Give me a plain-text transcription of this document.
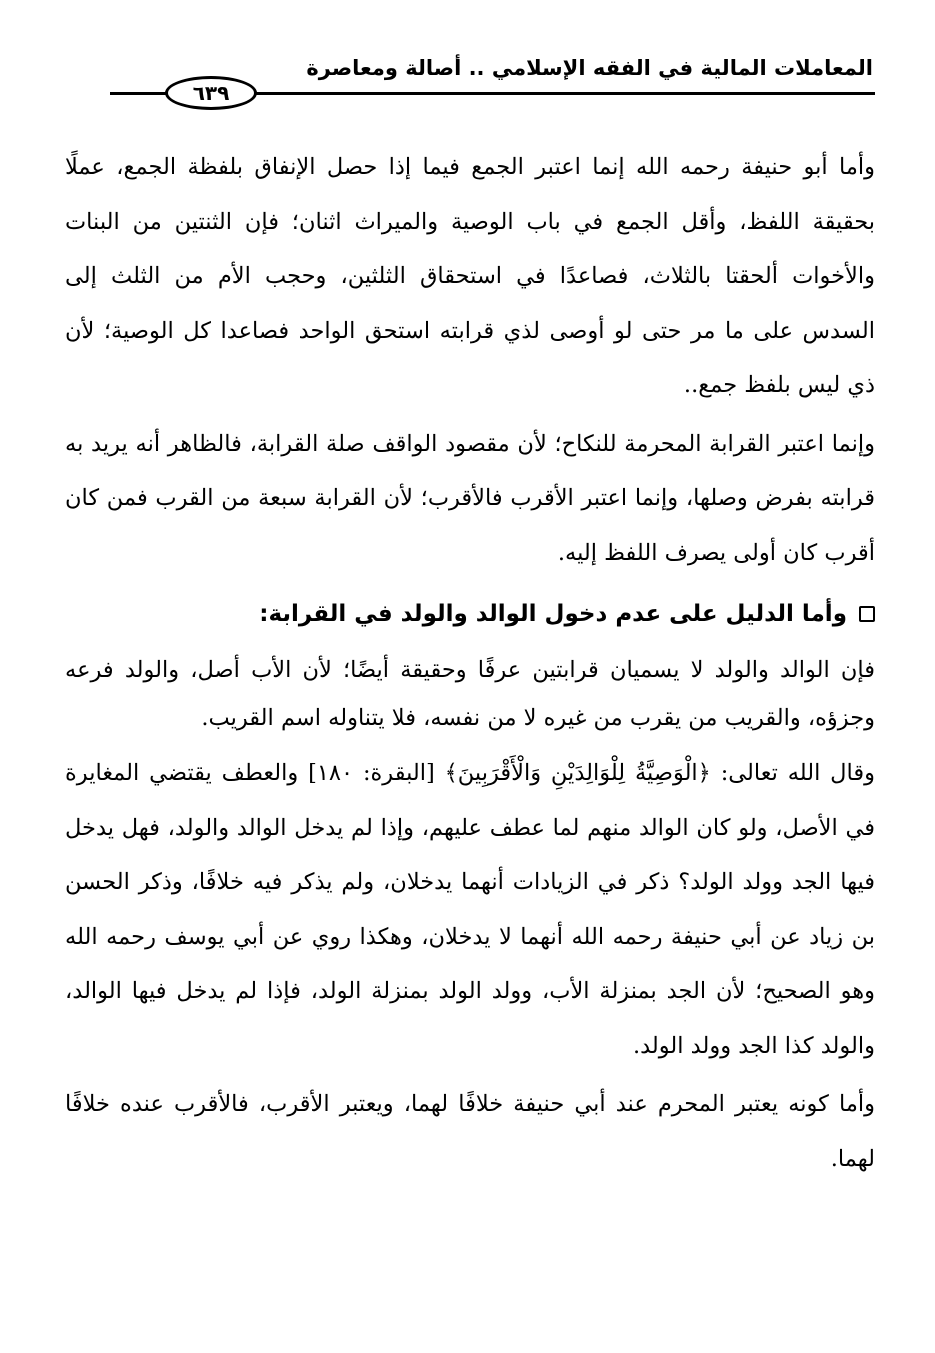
المعاملات المالية في الفقه الإسلامي .. أصالة ومعاصرة
٦٣٩

وأما أبو حنيفة رحمه الله إنما اعتبر الجمع فيما إذا حصل الإنفاق بلفظة الجمع، عملًا بحقيقة اللفظ، وأقل الجمع في باب الوصية والميراث اثنان؛ فإن الثنتين من البنات والأخوات ألحقتا بالثلاث، فصاعدًا في استحقاق الثلثين، وحجب الأم من الثلث إلى السدس على ما مر حتى لو أوصى لذي قرابته استحق الواحد فصاعدا كل الوصية؛ لأن ذي ليس بلفظ جمع..

وإنما اعتبر القرابة المحرمة للنكاح؛ لأن مقصود الواقف صلة القرابة، فالظاهر أنه يريد به قرابته بفرض وصلها، وإنما اعتبر الأقرب فالأقرب؛ لأن القرابة سبعة من القرب فمن كان أقرب كان أولى يصرف اللفظ إليه.

وأما الدليل على عدم دخول الوالد والولد في القرابة:

فإن الوالد والولد لا يسميان قرابتين عرفًا وحقيقة أيضًا؛ لأن الأب أصل، والولد فرعه وجزؤه، والقريب من يقرب من غيره لا من نفسه، فلا يتناوله اسم القريب.

وقال الله تعالى: ﴿الْوَصِيَّةُ لِلْوَالِدَيْنِ وَالْأَقْرَبِينَ﴾ [البقرة: ١٨٠] والعطف يقتضي المغايرة في الأصل، ولو كان الوالد منهم لما عطف عليهم، وإذا لم يدخل الوالد والولد، فهل يدخل فيها الجد وولد الولد؟ ذكر في الزيادات أنهما يدخلان، ولم يذكر فيه خلافًا، وذكر الحسن بن زياد عن أبي حنيفة رحمه الله أنهما لا يدخلان، وهكذا روي عن أبي يوسف رحمه الله وهو الصحيح؛ لأن الجد بمنزلة الأب، وولد الولد بمنزلة الولد، فإذا لم يدخل فيها الوالد، والولد كذا الجد وولد الولد.

وأما كونه يعتبر المحرم عند أبي حنيفة خلافًا لهما، ويعتبر الأقرب، فالأقرب عنده خلافًا لهما.
